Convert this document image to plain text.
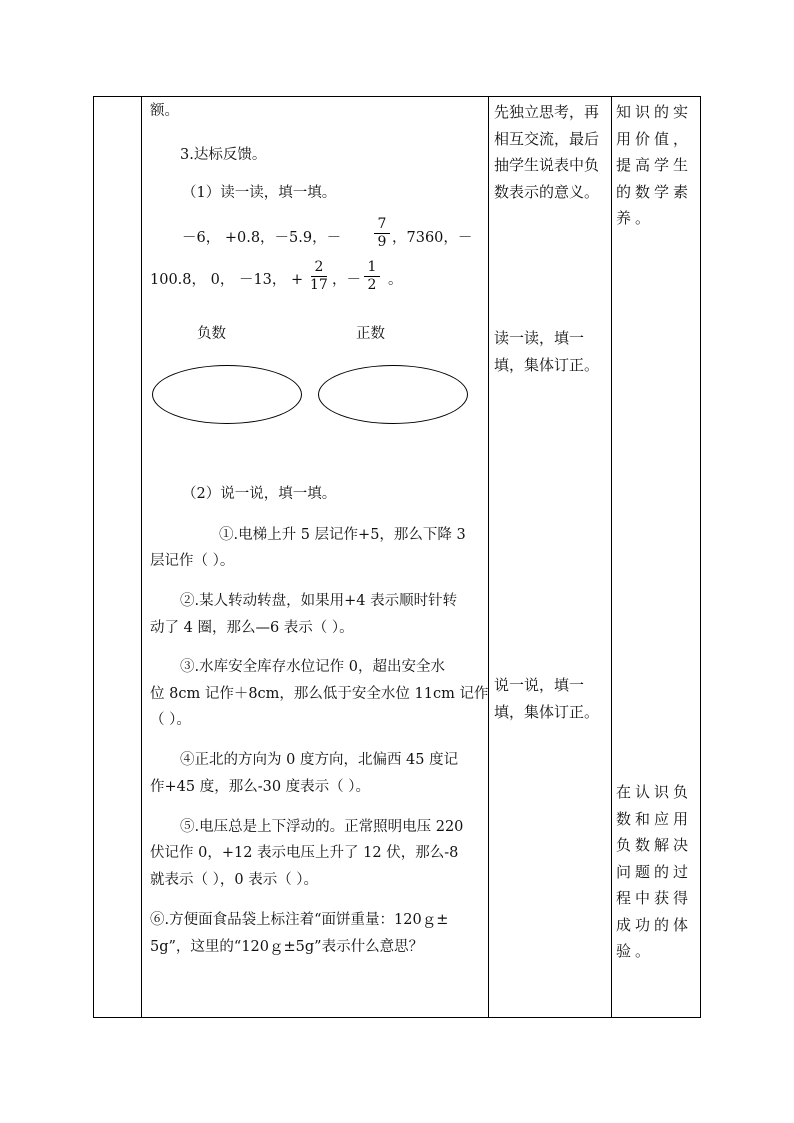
额。
3.达标反馈。
（1）读一读，填一填。
－6， +0.8，－5.9，－
7
9 ，7360，－
100.8， 0， －13， +
2
17 ，－
1
2 。
负数	正数
（2）说一说，填一填。
①.电梯上升 5 层记作+5，那么下降 3
层记作（ ）。
②.某人转动转盘，如果用+4 表示顺时针转
动了 4 圈，那么—6 表示（ ）。
③.水库安全库存水位记作 0，超出安全水
位 8cm 记作＋8cm，那么低于安全水位 11cm 记作
（ ）。
④正北的方向为 0 度方向，北偏西 45 度记
作+45 度，那么-30 度表示（ ）。
⑤.电压总是上下浮动的。正常照明电压 220
伏记作 0，+12 表示电压上升了 12 伏，那么-8
就表示（ ），0 表示（ ）。
⑥.方便面食品袋上标注着“面饼重量：120ｇ±
5g”，这里的“120ｇ±5g”表示什么意思？
先独立思考，再相互交流，最后抽学生说表中负数表示的意义。
读一读，填一填，集体订正。
说一说，填一填，集体订正。
知识的实用价值，提高学生的数学素养。
在认识负数和应用负数解决问题的过程中获得成功的体验。
